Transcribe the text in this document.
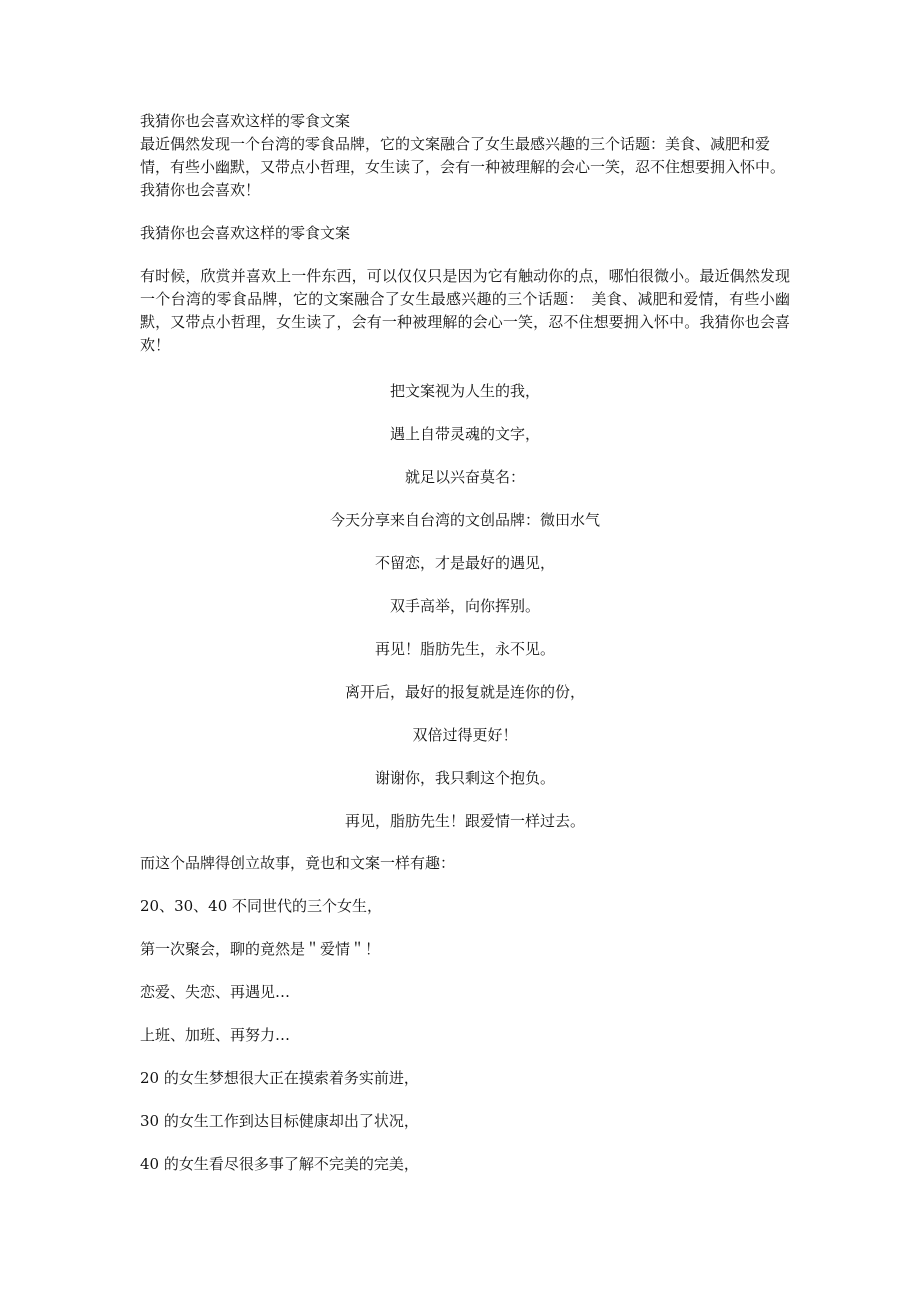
我猜你也会喜欢这样的零食文案
最近偶然发现一个台湾的零食品牌，它的文案融合了女生最感兴趣的三个话题：美食、减肥和爱情，有些小幽默，又带点小哲理，女生读了，会有一种被理解的会心一笑，忍不住想要拥入怀中。我猜你也会喜欢！
我猜你也会喜欢这样的零食文案
有时候，欣赏并喜欢上一件东西，可以仅仅只是因为它有触动你的点，哪怕很微小。最近偶然发现一个台湾的零食品牌，它的文案融合了女生最感兴趣的三个话题：　美食、减肥和爱情，有些小幽默，又带点小哲理，女生读了，会有一种被理解的会心一笑，忍不住想要拥入怀中。我猜你也会喜欢！
把文案视为人生的我，
遇上自带灵魂的文字，
就足以兴奋莫名：
今天分享来自台湾的文创品牌：微田水气
不留恋，才是最好的遇见，
双手高举，向你挥别。
再见！脂肪先生，永不见。
离开后，最好的报复就是连你的份，
双倍过得更好！
谢谢你，我只剩这个抱负。
再见，脂肪先生！跟爱情一样过去。
而这个品牌得创立故事，竟也和文案一样有趣：
20、30、40 不同世代的三个女生，
第一次聚会，聊的竟然是＂爱情＂！
恋爱、失恋、再遇见…
上班、加班、再努力…
20 的女生梦想很大正在摸索着务实前进，
30 的女生工作到达目标健康却出了状况，
40 的女生看尽很多事了解不完美的完美，
